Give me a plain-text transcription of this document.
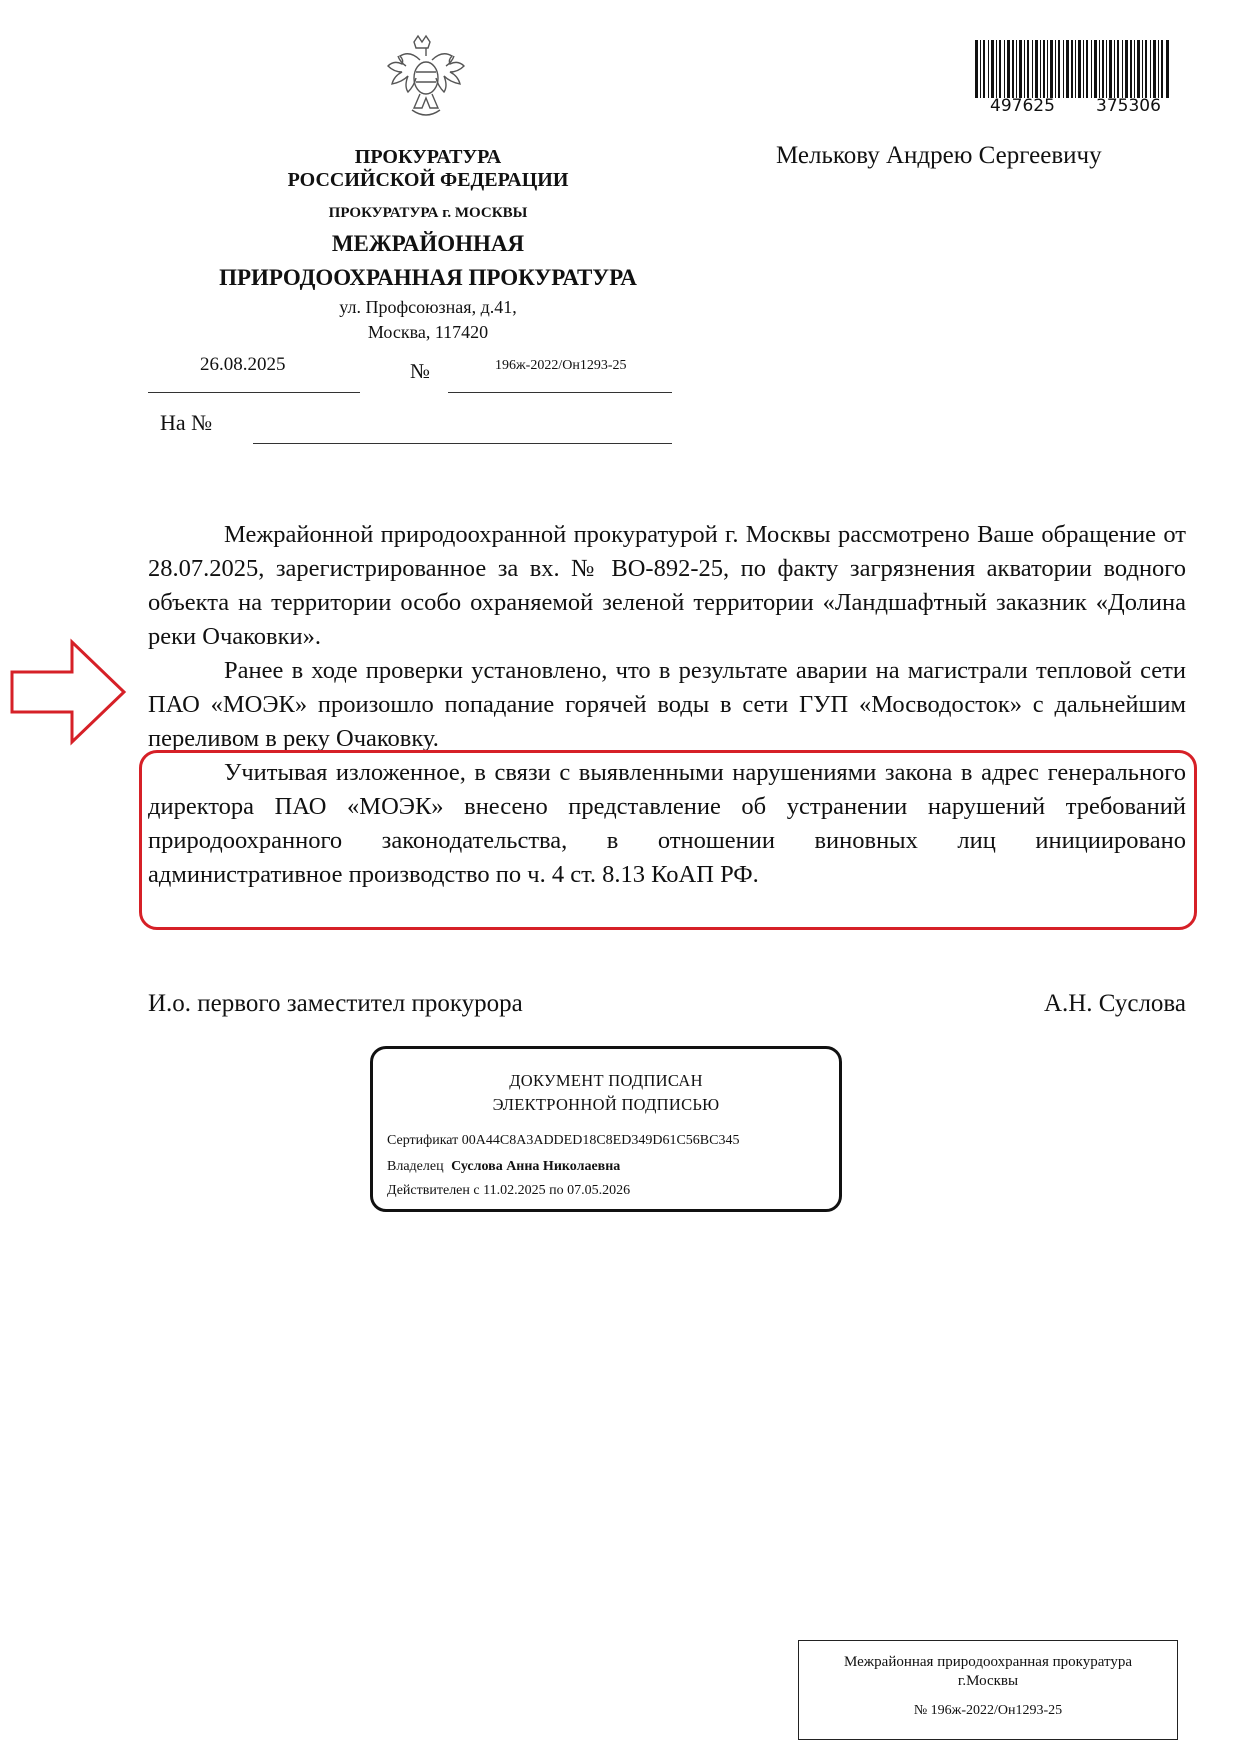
497625 375306
ПРОКУРАТУРА
РОССИЙСКОЙ ФЕДЕРАЦИИ
ПРОКУРАТУРА г. МОСКВЫ
МЕЖРАЙОННАЯ
ПРИРОДООХРАННАЯ ПРОКУРАТУРА
ул. Профсоюзная, д.41,
Москва, 117420
26.08.2025	№	196ж-2022/Он1293-25
На №
Мелькову Андрею Сергеевичу

Межрайонной природоохранной прокуратурой г. Москвы рассмотрено Ваше обращение от 28.07.2025, зарегистрированное за вх. № ВО-892-25, по факту загрязнения акватории водного объекта на территории особо охраняемой зеленой территории «Ландшафтный заказник «Долина реки Очаковки».

Ранее в ходе проверки установлено, что в результате аварии на магистрали тепловой сети ПАО «МОЭК» произошло попадание горячей воды в сети ГУП «Мосводосток» с дальнейшим переливом в реку Очаковку.

Учитывая изложенное, в связи с выявленными нарушениями закона в адрес генерального директора ПАО «МОЭК» внесено представление об устранении нарушений требований природоохранного законодательства, в отношении виновных лиц инициировано административное производство по ч. 4 ст. 8.13 КоАП РФ.

И.о. первого заместител прокурора	А.Н. Суслова
ДОКУМЕНТ ПОДПИСАН
ЭЛЕКТРОННОЙ ПОДПИСЬЮ
Сертификат 00A44C8A3ADDED18C8ED349D61C56BC345
Владелец Суслова Анна Николаевна
Действителен с 11.02.2025 по 07.05.2026
Межрайонная природоохранная прокуратура
г.Москвы
№ 196ж-2022/Он1293-25
